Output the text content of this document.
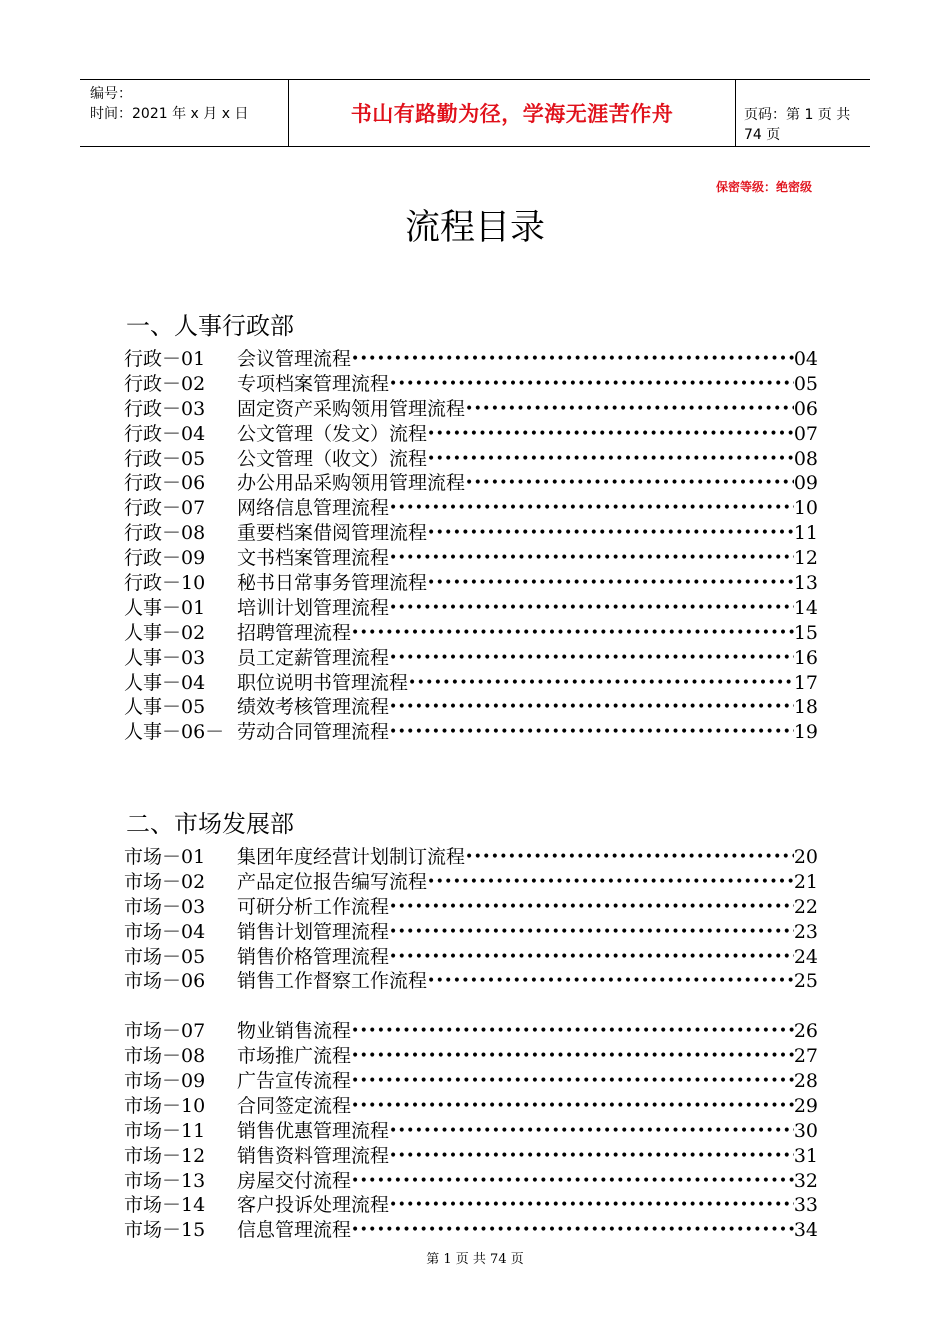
编号：
时间：2021 年 x 月 x 日	书山有路勤为径，学海无涯苦作舟	页码：第 1 页 共 74 页
保密等级：绝密级
流程目录
一、人事行政部
行政－01	会议管理流程 •••••	04
行政－02	专项档案管理流程 •••••	05
行政－03	固定资产采购领用管理流程 •••••	06
行政－04	公文管理（发文）流程 •••••	07
行政－05	公文管理（收文）流程 •••••	08
行政－06	办公用品采购领用管理流程 •••••	09
行政－07	网络信息管理流程 •••••	10
行政－08	重要档案借阅管理流程 •••••	11
行政－09	文书档案管理流程 •••••	12
行政－10	秘书日常事务管理流程 •••••	13
人事－01	培训计划管理流程 •••••	14
人事－02	招聘管理流程 •••••	15
人事－03	员工定薪管理流程 •••••	16
人事－04	职位说明书管理流程 •••••	17
人事－05	绩效考核管理流程 •••••	18
人事－06－ 劳动合同管理流程 •••••	19
二、市场发展部
市场－01	集团年度经营计划制订流程 •••••	20
市场－02	产品定位报告编写流程 •••••	21
市场－03	可研分析工作流程 •••••	22
市场－04	销售计划管理流程 •••••	23
市场－05	销售价格管理流程 •••••	24
市场－06	销售工作督察工作流程 •••••	25
市场－07	物业销售流程 •••••	26
市场－08	市场推广流程 •••••	27
市场－09	广告宣传流程 •••••	28
市场－10	合同签定流程 •••••	29
市场－11	销售优惠管理流程 •••••	30
市场－12	销售资料管理流程 •••••	31
市场－13	房屋交付流程 •••••	32
市场－14	客户投诉处理流程 •••••	33
市场－15	信息管理流程 •••••	34
第 1 页 共 74 页
